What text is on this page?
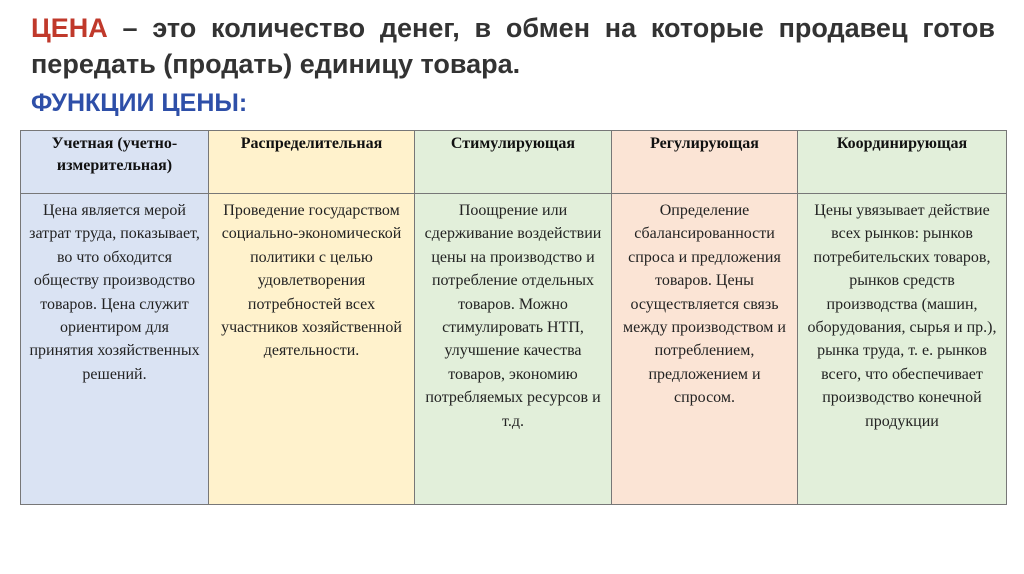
ЦЕНА – это количество денег, в обмен на которые продавец готов передать (продать) единицу товара.
ФУНКЦИИ ЦЕНЫ:
Учетная (учетно-измерительная)	Распределительная	Стимулирующая	Регулирующая	Координирующая
Цена является мерой затрат труда, показывает, во что обходится обществу производство товаров. Цена служит ориентиром для принятия хозяйственных решений.	Проведение государством социально-экономической политики с целью удовлетворения потребностей всех участников хозяйственной деятельности.	Поощрение или сдерживание воздействии цены на производство и потребление отдельных товаров. Можно стимулировать НТП, улучшение качества товаров, экономию потребляемых ресурсов и т.д.	Определение сбалансированности спроса и предложения товаров. Цены осуществляется связь между производством и потреблением, предложением и спросом.	Цены увязывает действие всех рынков: рынков потребительских товаров, рынков средств производства (машин, оборудования, сырья и пр.), рынка труда, т. е. рынков всего, что обеспечивает производство конечной продукции
